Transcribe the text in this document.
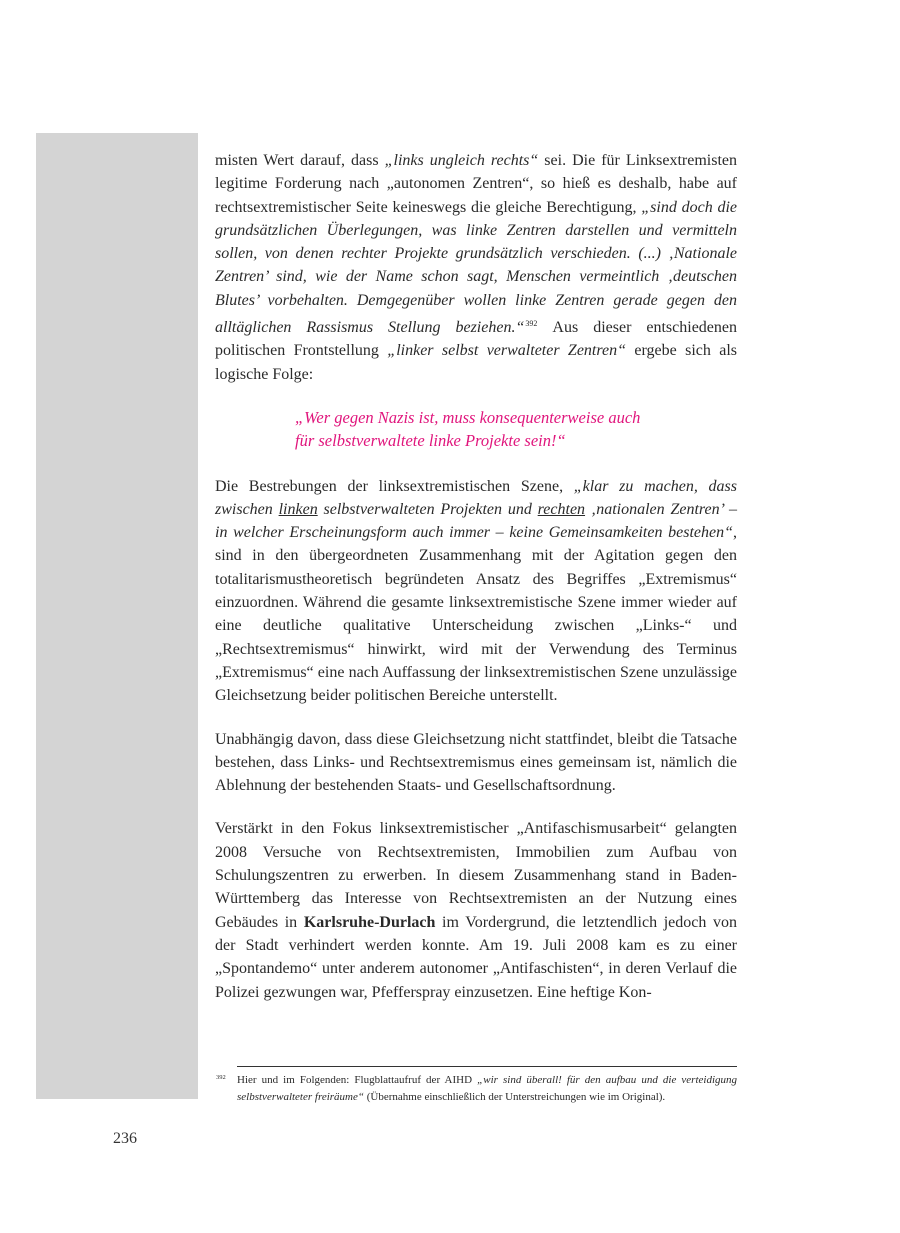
misten Wert darauf, dass „links ungleich rechts“ sei. Die für Linksextremisten legitime Forderung nach „autonomen Zentren“, so hieß es deshalb, habe auf rechtsextremistischer Seite keineswegs die gleiche Berechtigung, „sind doch die grundsätzlichen Überlegungen, was linke Zentren darstellen und vermitteln sollen, von denen rechter Projekte grundsätzlich verschieden. (...) ‚Nationale Zentren’ sind, wie der Name schon sagt, Menschen vermeintlich ‚deutschen Blutes’ vorbehalten. Demgegenüber wollen linke Zentren gerade gegen den alltäglichen Rassismus Stellung beziehen.“$^{392}$ Aus dieser entschiedenen politischen Frontstellung „linker selbst verwalteter Zentren“ ergebe sich als logische Folge:

„Wer gegen Nazis ist, muss konsequenterweise auch
für selbstverwaltete linke Projekte sein!“

Die Bestrebungen der linksextremistischen Szene, „klar zu machen, dass zwischen linken selbstverwalteten Projekten und rechten ‚nationalen Zentren’ – in welcher Erscheinungsform auch immer – keine Gemeinsamkeiten bestehen“, sind in den übergeordneten Zusammenhang mit der Agitation gegen den totalitarismustheoretisch begründeten Ansatz des Begriffes „Extremismus“ einzuordnen. Während die gesamte linksextremistische Szene immer wieder auf eine deutliche qualitative Unterscheidung zwischen „Links-“ und „Rechtsextremismus“ hinwirkt, wird mit der Verwendung des Terminus „Extremismus“ eine nach Auffassung der linksextremistischen Szene unzulässige Gleichsetzung beider politischen Bereiche unterstellt.

Unabhängig davon, dass diese Gleichsetzung nicht stattfindet, bleibt die Tatsache bestehen, dass Links- und Rechtsextremismus eines gemeinsam ist, nämlich die Ablehnung der bestehenden Staats- und Gesellschaftsordnung.

Verstärkt in den Fokus linksextremistischer „Antifaschismusarbeit“ gelangten 2008 Versuche von Rechtsextremisten, Immobilien zum Aufbau von Schulungszentren zu erwerben. In diesem Zusammenhang stand in Baden-Württemberg das Interesse von Rechtsextremisten an der Nutzung eines Gebäudes in Karlsruhe-Durlach im Vordergrund, die letztendlich jedoch von der Stadt verhindert werden konnte. Am 19. Juli 2008 kam es zu einer „Spontandemo“ unter anderem autonomer „Antifaschisten“, in deren Verlauf die Polizei gezwungen war, Pfefferspray einzusetzen. Eine heftige Kon-

392 Hier und im Folgenden: Flugblattaufruf der AIHD „wir sind überall! für den aufbau und die verteidigung selbstverwalteter freiräume“ (Übernahme einschließlich der Unterstreichungen wie im Original).
236
